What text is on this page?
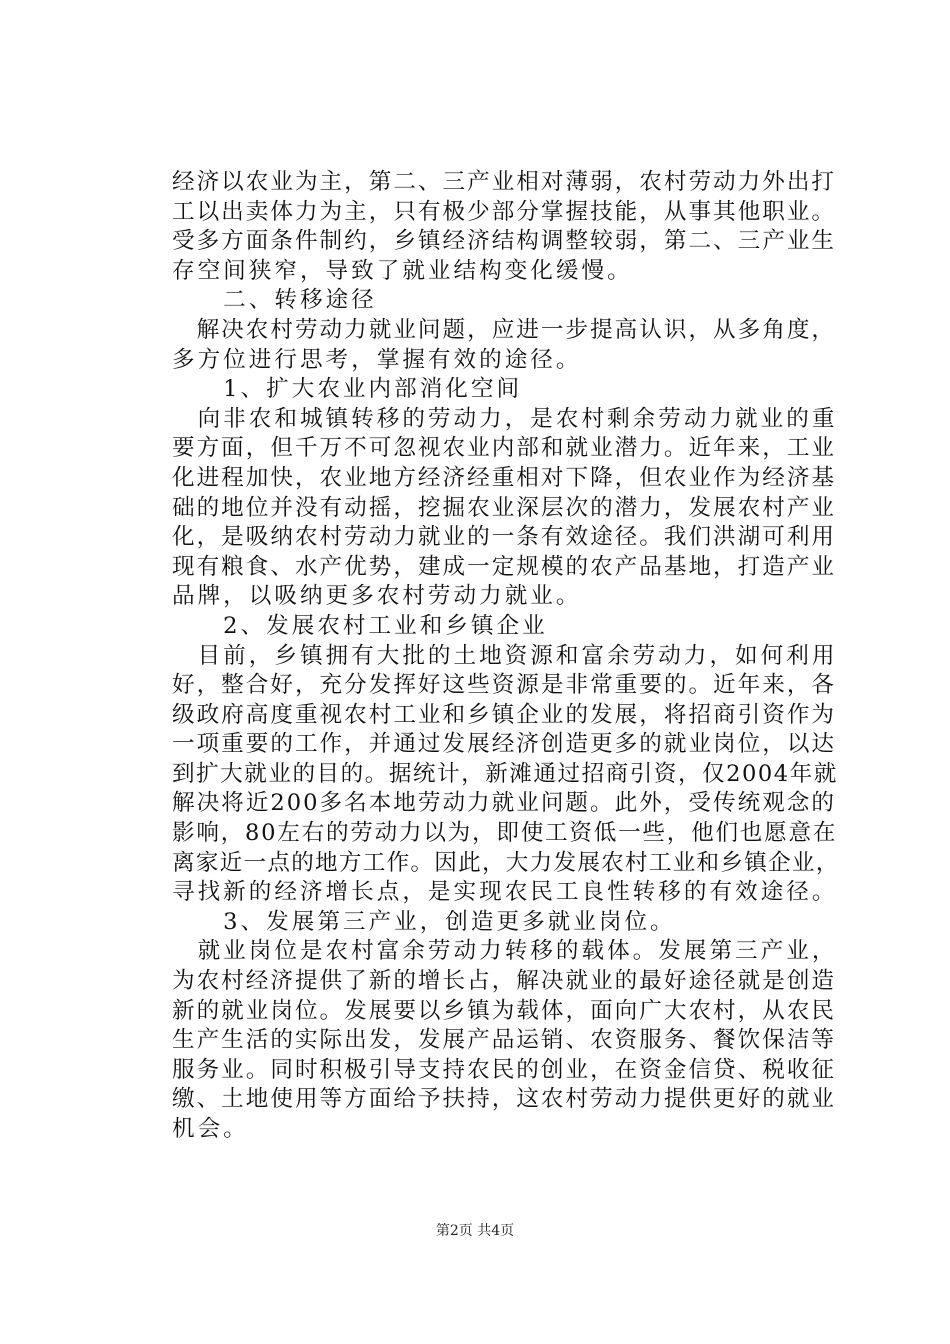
经济以农业为主，第二、三产业相对薄弱，农村劳动力外出打
工以出卖体力为主，只有极少部分掌握技能，从事其他职业。
受多方面条件制约，乡镇经济结构调整较弱，第二、三产业生
存空间狭窄，导致了就业结构变化缓慢。
　　二、转移途径
　解决农村劳动力就业问题，应进一步提高认识，从多角度，
多方位进行思考，掌握有效的途径。
　　1、扩大农业内部消化空间
　向非农和城镇转移的劳动力，是农村剩余劳动力就业的重
要方面，但千万不可忽视农业内部和就业潜力。近年来，工业
化进程加快，农业地方经济经重相对下降，但农业作为经济基
础的地位并没有动摇，挖掘农业深层次的潜力，发展农村产业
化，是吸纳农村劳动力就业的一条有效途径。我们洪湖可利用
现有粮食、水产优势，建成一定规模的农产品基地，打造产业
品牌，以吸纳更多农村劳动力就业。
　　2、发展农村工业和乡镇企业
　目前，乡镇拥有大批的土地资源和富余劳动力，如何利用
好，整合好，充分发挥好这些资源是非常重要的。近年来，各
级政府高度重视农村工业和乡镇企业的发展，将招商引资作为
一项重要的工作，并通过发展经济创造更多的就业岗位，以达
到扩大就业的目的。据统计，新滩通过招商引资，仅2004年就
解决将近200多名本地劳动力就业问题。此外，受传统观念的
影响，80左右的劳动力以为，即使工资低一些，他们也愿意在
离家近一点的地方工作。因此，大力发展农村工业和乡镇企业，
寻找新的经济增长点，是实现农民工良性转移的有效途径。
　　3、发展第三产业，创造更多就业岗位。
　就业岗位是农村富余劳动力转移的载体。发展第三产业，
为农村经济提供了新的增长占，解决就业的最好途径就是创造
新的就业岗位。发展要以乡镇为载体，面向广大农村，从农民
生产生活的实际出发，发展产品运销、农资服务、餐饮保洁等
服务业。同时积极引导支持农民的创业，在资金信贷、税收征
缴、土地使用等方面给予扶持，这农村劳动力提供更好的就业
机会。
第2页 共4页
